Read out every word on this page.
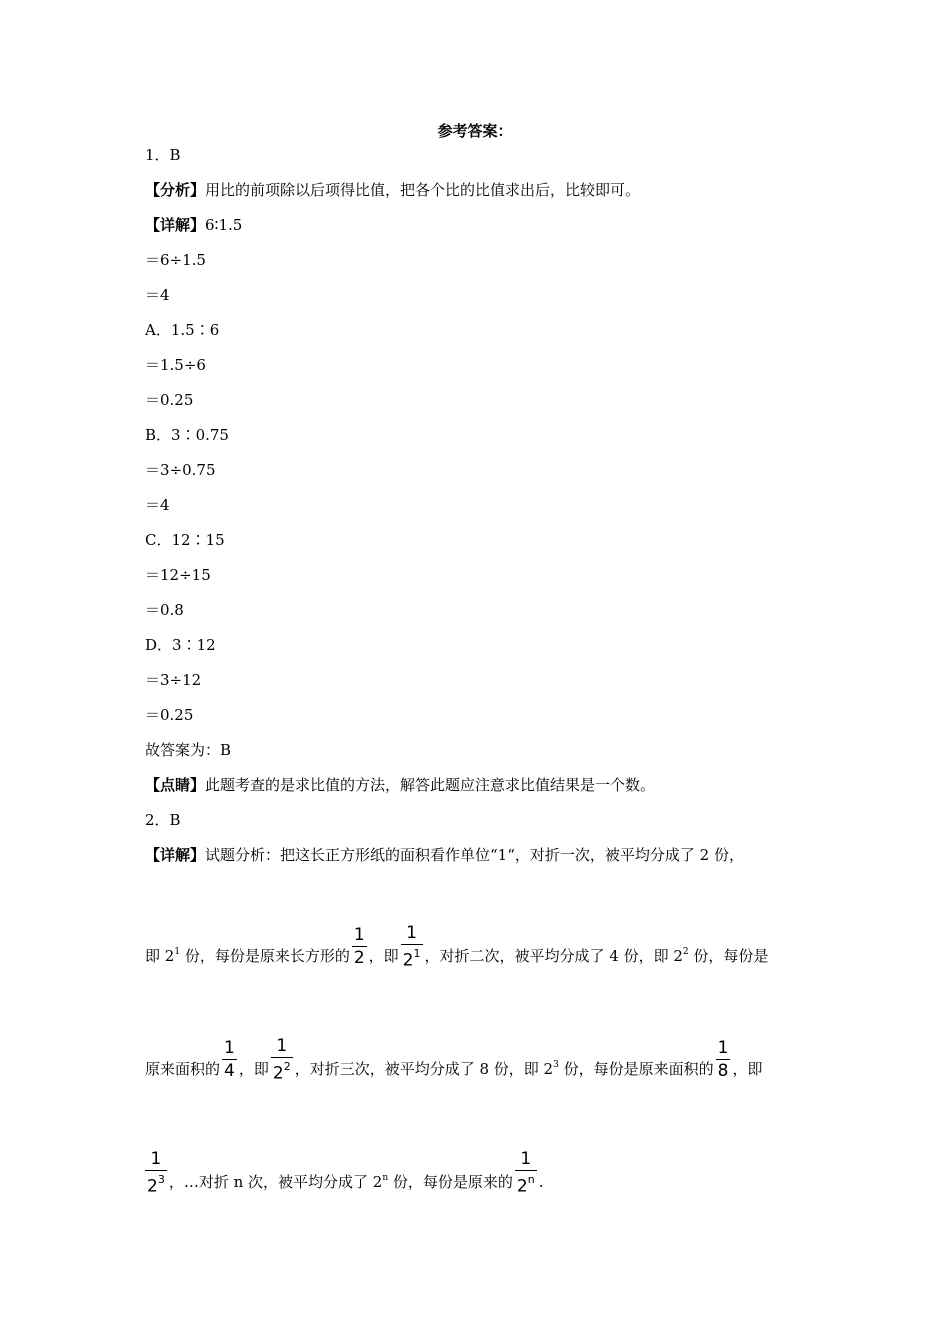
参考答案：
1．B
【分析】用比的前项除以后项得比值，把各个比的比值求出后，比较即可。
【详解】6∶1.5
＝6÷1.5
＝4
A．1.5∶6
＝1.5÷6
＝0.25
B．3∶0.75
＝3÷0.75
＝4
C．12∶15
＝12÷15
＝0.8
D．3∶12
＝3÷12
＝0.25
故答案为：B
【点睛】此题考查的是求比值的方法，解答此题应注意求比值结果是一个数。
2．B
【详解】试题分析：把这长正方形纸的面积看作单位“1“，对折一次，被平均分成了 2 份，
即 $2^1$ 份，每份是原来长方形的 $\frac{1}{2}$ ，即 $\frac{1}{2^1}$ ，对折二次，被平均分成了 4 份，即 $2^2$ 份，每份是
原来面积的 $\frac{1}{4}$ ，即 $\frac{1}{2^2}$ ，对折三次，被平均分成了 8 份，即 $2^3$ 份，每份是原来面积的 $\frac{1}{8}$ ，即
$\frac{1}{2^3}$ ，…对折 n 次，被平均分成了 2$^n$ 份，每份是原来的 $\frac{1}{2^n}$ .
